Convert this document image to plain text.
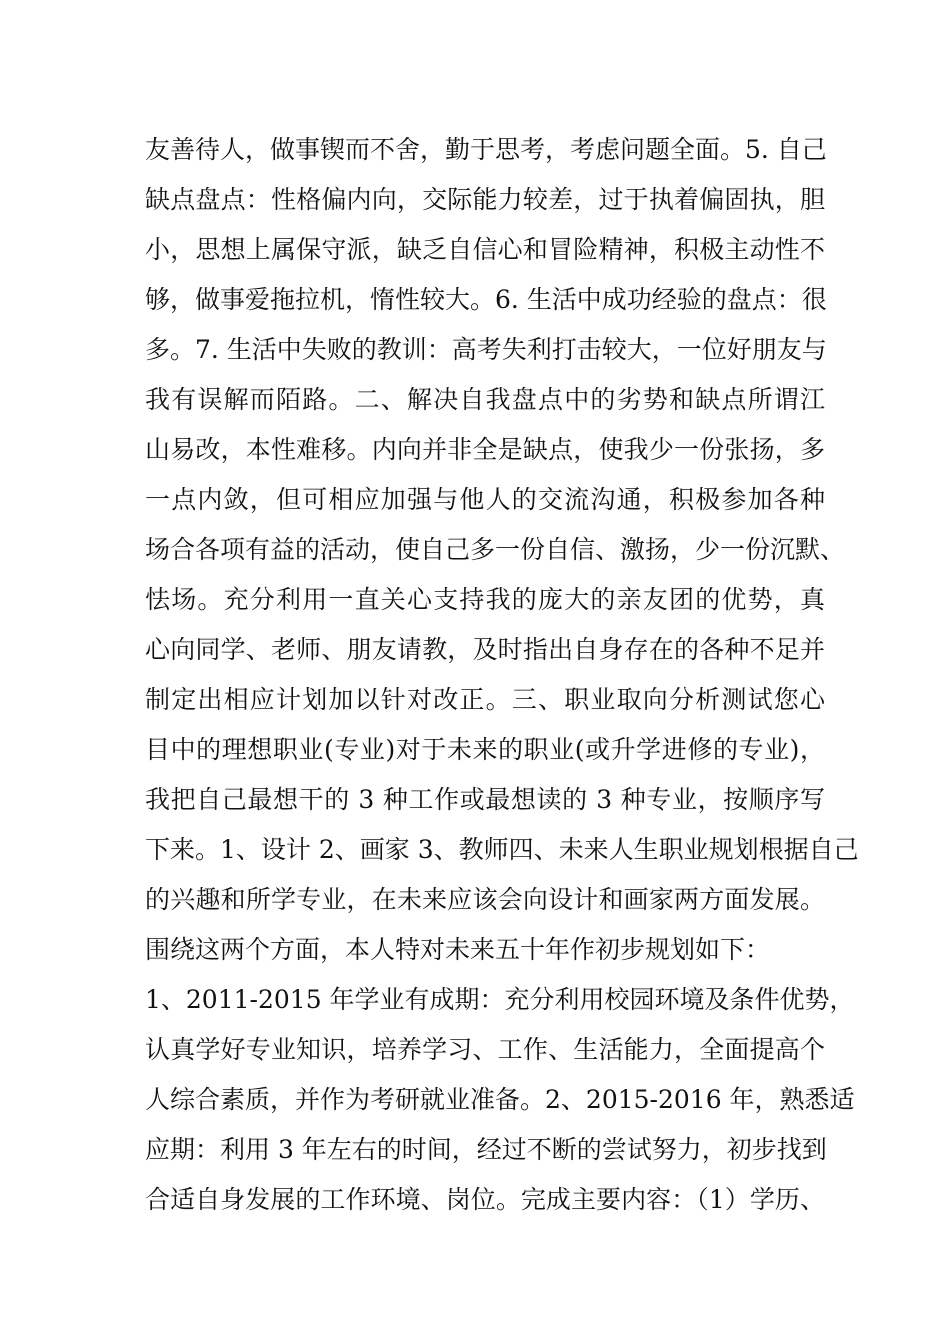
友善待人，做事锲而不舍，勤于思考，考虑问题全面。5. 自己
缺点盘点：性格偏内向，交际能力较差，过于执着偏固执，胆
小，思想上属保守派，缺乏自信心和冒险精神，积极主动性不
够，做事爱拖拉机，惰性较大。6. 生活中成功经验的盘点：很
多。7. 生活中失败的教训：高考失利打击较大，一位好朋友与
我有误解而陌路。二、解决自我盘点中的劣势和缺点所谓江
山易改，本性难移。内向并非全是缺点，使我少一份张扬，多
一点内敛，但可相应加强与他人的交流沟通，积极参加各种
场合各项有益的活动，使自己多一份自信、激扬，少一份沉默、
怯场。充分利用一直关心支持我的庞大的亲友团的优势，真
心向同学、老师、朋友请教，及时指出自身存在的各种不足并
制定出相应计划加以针对改正。三、职业取向分析测试您心
目中的理想职业(专业)对于未来的职业(或升学进修的专业)，
我把自己最想干的 3 种工作或最想读的 3 种专业，按顺序写
下来。1、设计 2、画家 3、教师四、未来人生职业规划根据自己
的兴趣和所学专业，在未来应该会向设计和画家两方面发展。
围绕这两个方面，本人特对未来五十年作初步规划如下：
1、2011-2015 年学业有成期：充分利用校园环境及条件优势，
认真学好专业知识，培养学习、工作、生活能力，全面提高个
人综合素质，并作为考研就业准备。2、2015-2016 年，熟悉适
应期：利用 3 年左右的时间，经过不断的尝试努力，初步找到
合适自身发展的工作环境、岗位。完成主要内容：（1）学历、
